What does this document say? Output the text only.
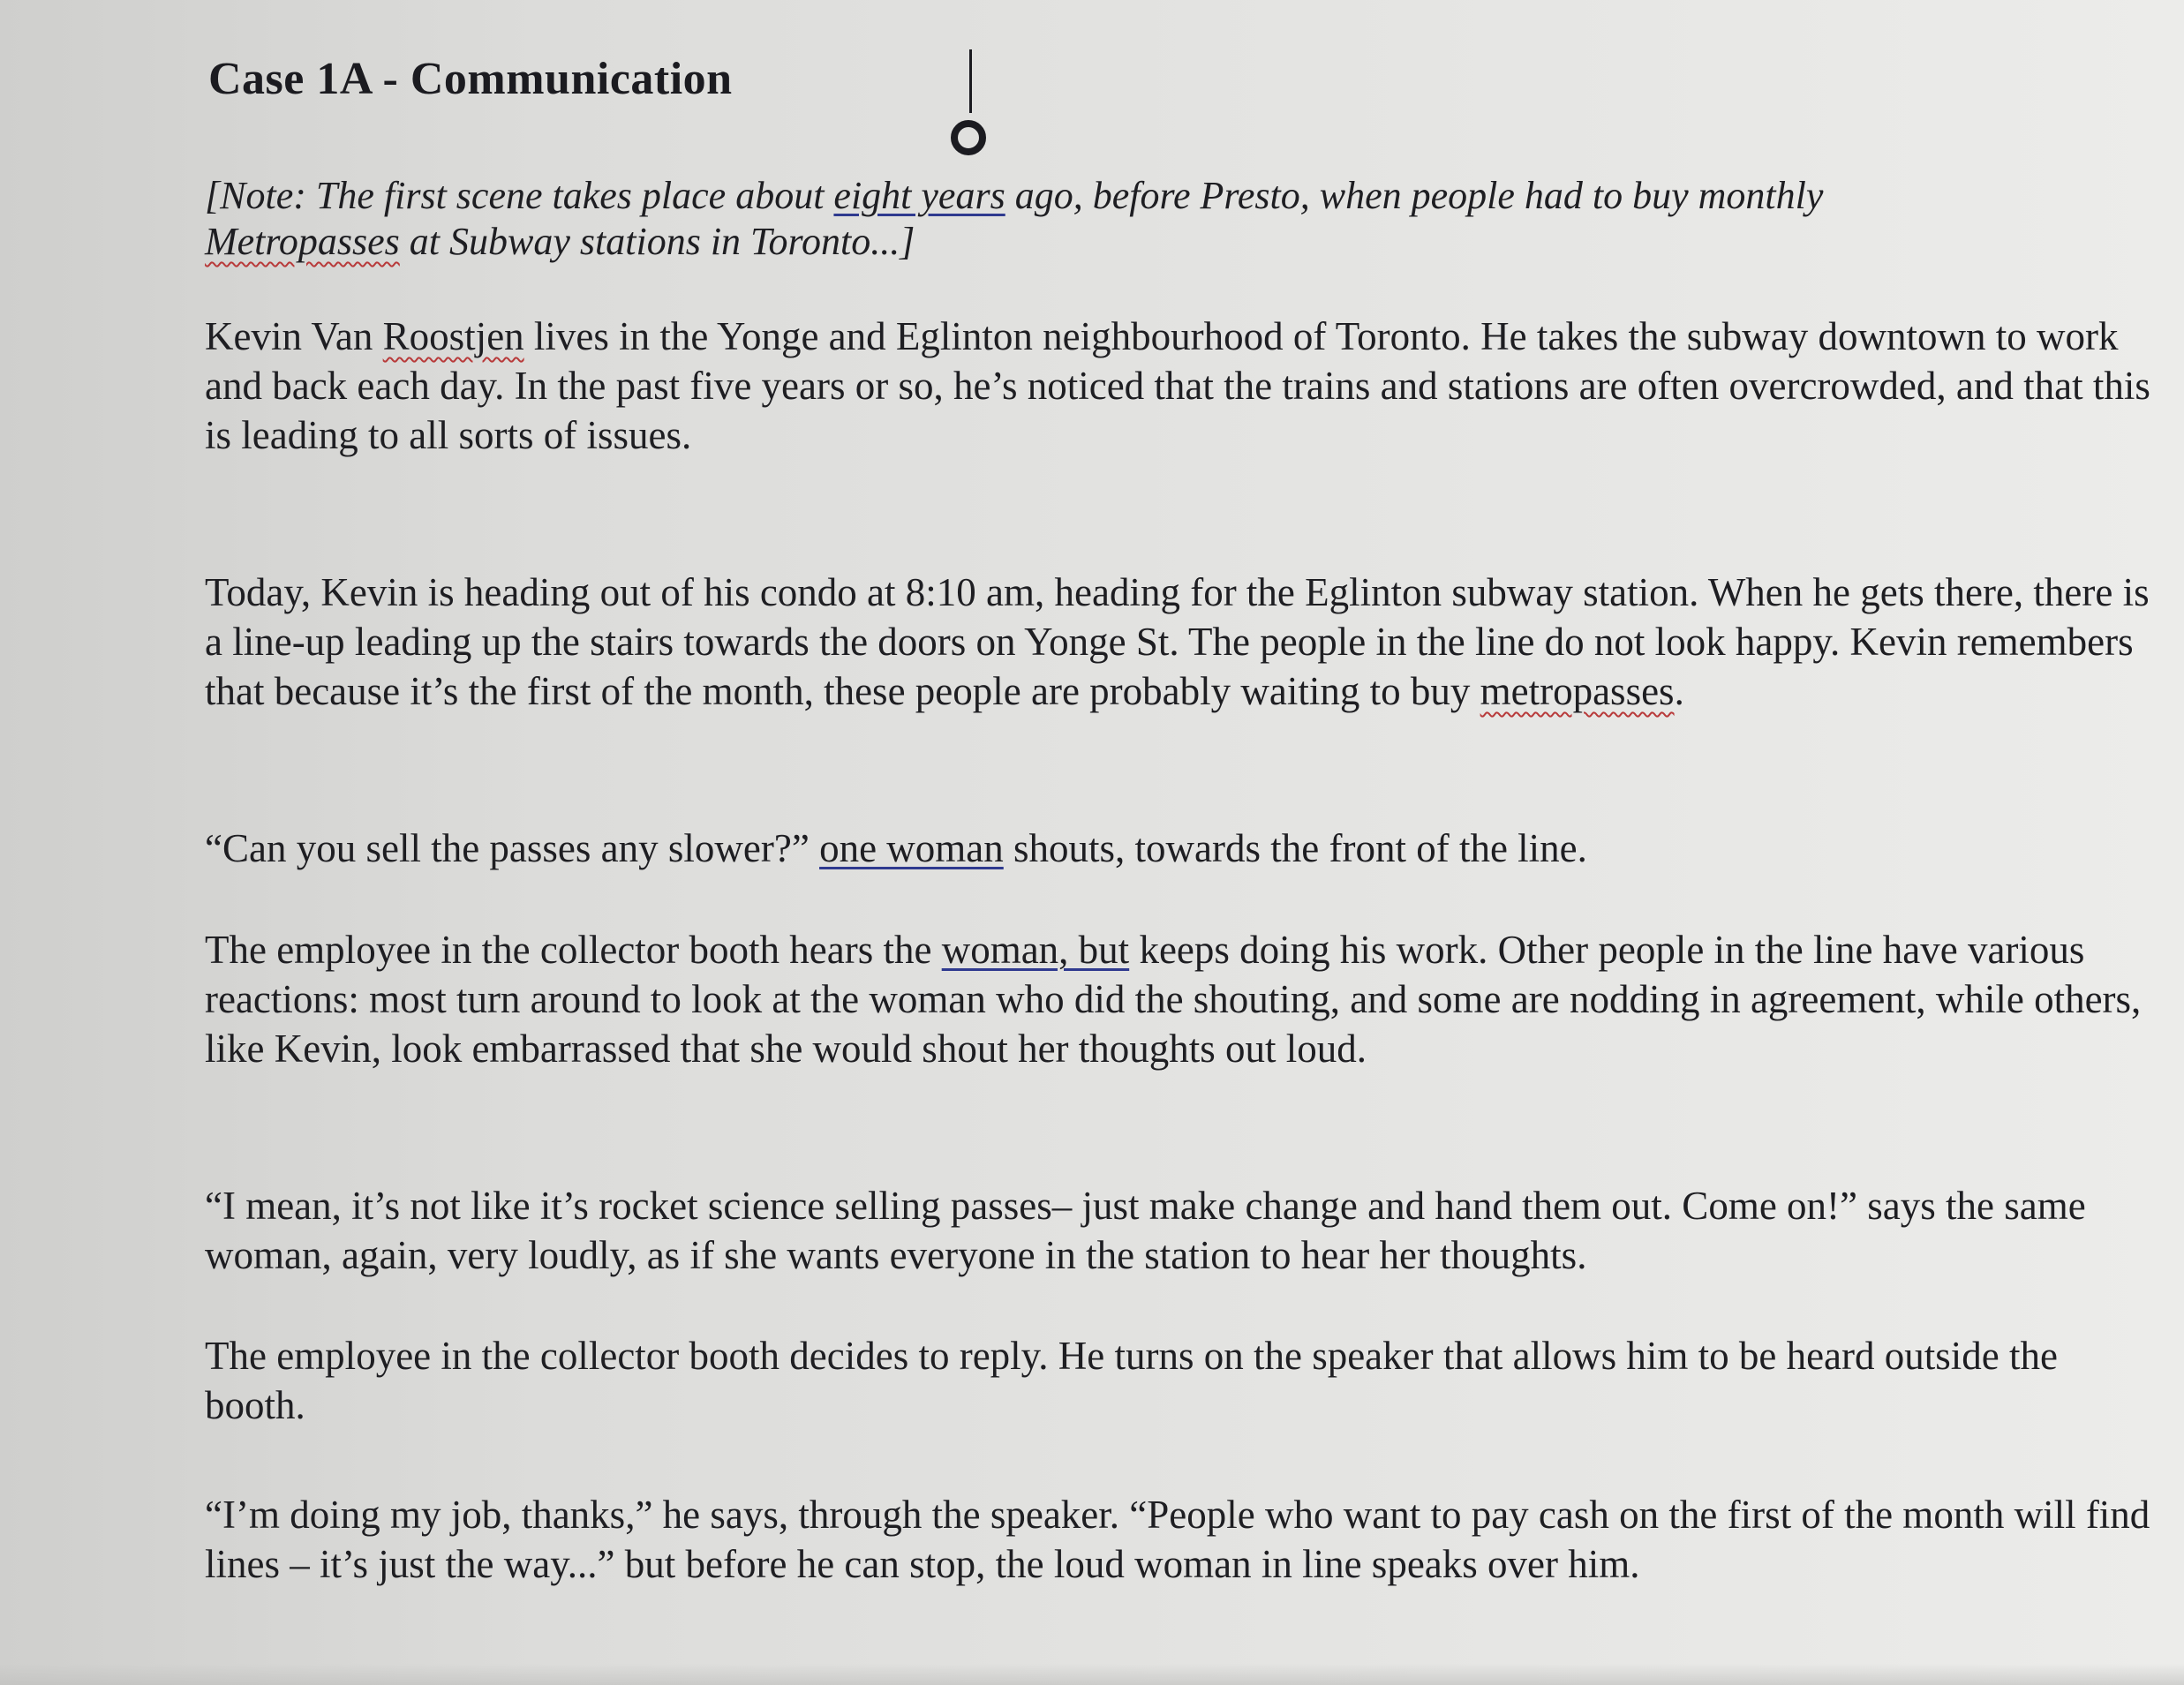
Case 1A - Communication

[Note: The first scene takes place about eight years ago, before Presto, when people had to buy monthly Metropasses at Subway stations in Toronto...]

Kevin Van Roostjen lives in the Yonge and Eglinton neighbourhood of Toronto. He takes the subway downtown to work and back each day. In the past five years or so, he’s noticed that the trains and stations are often overcrowded, and that this is leading to all sorts of issues.

Today, Kevin is heading out of his condo at 8:10 am, heading for the Eglinton subway station. When he gets there, there is a line-up leading up the stairs towards the doors on Yonge St. The people in the line do not look happy. Kevin remembers that because it’s the first of the month, these people are probably waiting to buy metropasses.

“Can you sell the passes any slower?” one woman shouts, towards the front of the line.

The employee in the collector booth hears the woman, but keeps doing his work. Other people in the line have various reactions: most turn around to look at the woman who did the shouting, and some are nodding in agreement, while others, like Kevin, look embarrassed that she would shout her thoughts out loud.

“I mean, it’s not like it’s rocket science selling passes– just make change and hand them out. Come on!” says the same woman, again, very loudly, as if she wants everyone in the station to hear her thoughts.

The employee in the collector booth decides to reply. He turns on the speaker that allows him to be heard outside the booth.

“I’m doing my job, thanks,” he says, through the speaker. “People who want to pay cash on the first of the month will find lines – it’s just the way...” but before he can stop, the loud woman in line speaks over him.
